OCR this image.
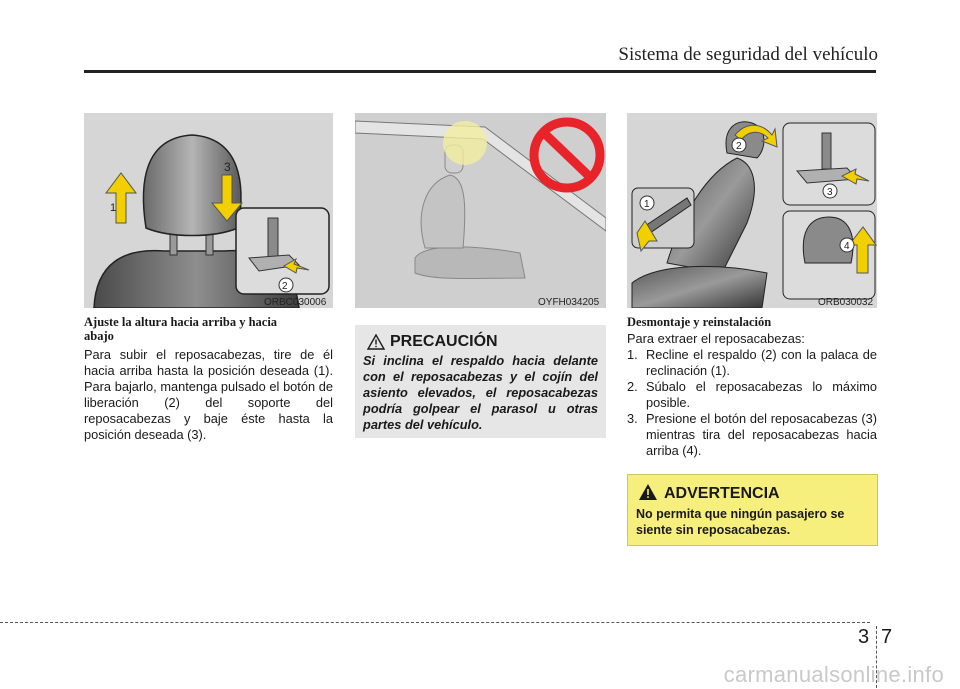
Sistema de seguridad del vehículo
1
3
2
ORBC030006	OYFH034205
2
1
3
4
ORB030032
Ajuste la altura hacia arriba y hacia abajo
Para subir el reposacabezas, tire de él hacia arriba hasta la posición deseada (1). Para bajarlo, mantenga pulsado el botón de liberación (2) del soporte del reposacabezas y baje éste hasta la posición deseada (3).
PRECAUCIÓN
Si inclina el respaldo hacia delante con el reposacabezas y el cojín del asiento elevados, el reposacabezas podría golpear el parasol u otras partes del vehículo.
Desmontaje y reinstalación
Para extraer el reposacabezas:
1. Recline el respaldo (2) con la palaca de reclinación (1).
2. Súbalo el reposacabezas lo máximo posible.
3. Presione el botón del reposacabezas (3) mientras tira del reposacabezas hacia arriba (4).
ADVERTENCIA
No permita que ningún pasajero se siente sin reposacabezas.
3 7
carmanualsonline.info
